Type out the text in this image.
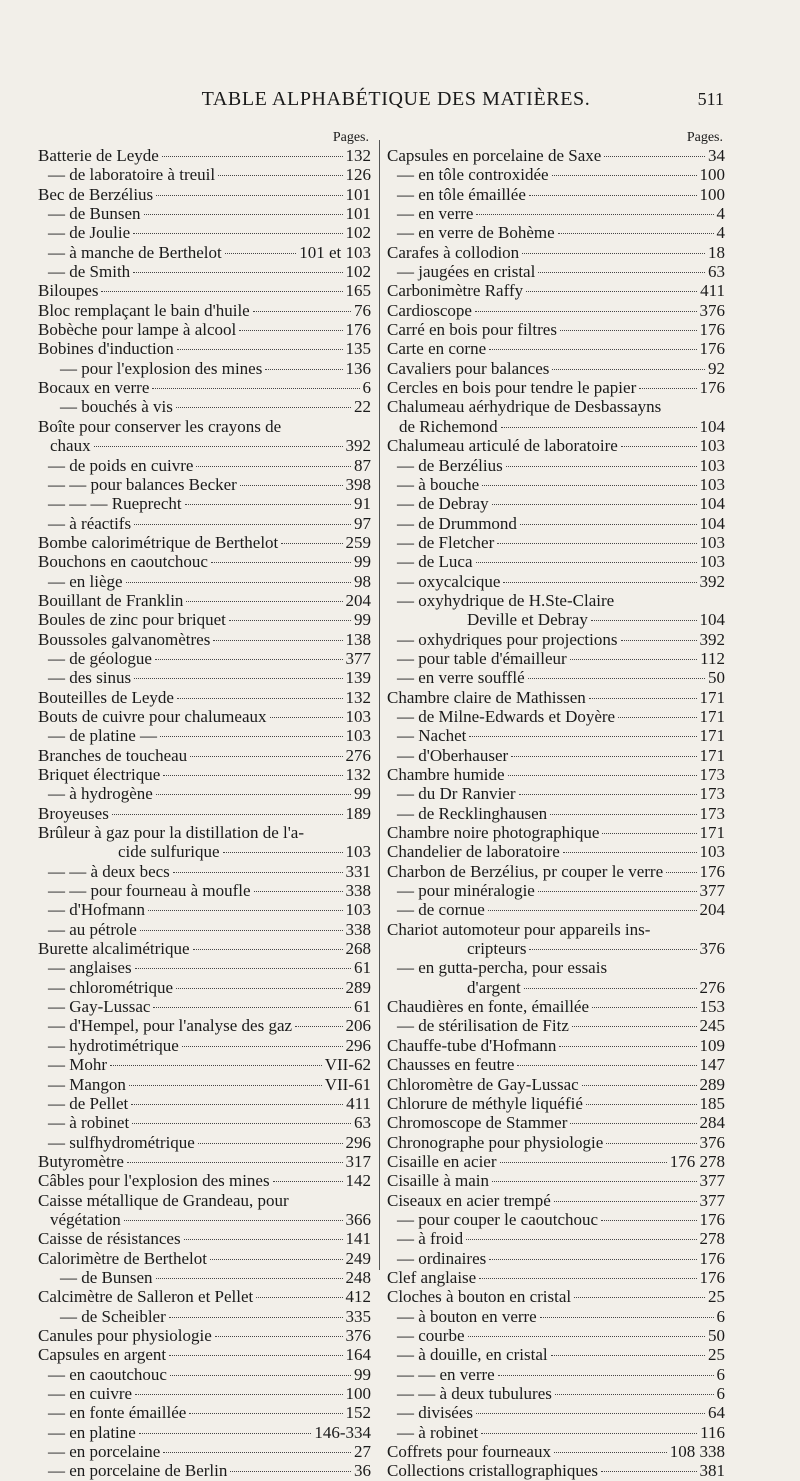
TABLE ALPHABÉTIQUE DES MATIÈRES.	511
Pages.
Batterie de Leyde	132
— de laboratoire à treuil	126
Bec de Berzélius	101
— de Bunsen	101
— de Joulie	102
— à manche de Berthelot	101 et 103
— de Smith	102
Biloupes	165
Bloc remplaçant le bain d'huile	76
Bobèche pour lampe à alcool	176
Bobines d'induction	135
— pour l'explosion des mines	136
Bocaux en verre	6
— bouchés à vis	22
Boîte pour conserver les crayons de
chaux	392
— de poids en cuivre	87
— — pour balances Becker	398
— — — Rueprecht	91
— à réactifs	97
Bombe calorimétrique de Berthelot	259
Bouchons en caoutchouc	99
— en liège	98
Bouillant de Franklin	204
Boules de zinc pour briquet	99
Boussoles galvanomètres	138
— de géologue	377
— des sinus	139
Bouteilles de Leyde	132
Bouts de cuivre pour chalumeaux	103
— de platine —	103
Branches de toucheau	276
Briquet électrique	132
— à hydrogène	99
Broyeuses	189
Brûleur à gaz pour la distillation de l'a-
cide sulfurique	103
— — à deux becs	331
— — pour fourneau à moufle	338
— d'Hofmann	103
— au pétrole	338
Burette alcalimétrique	268
— anglaises	61
— chlorométrique	289
— Gay-Lussac	61
— d'Hempel, pour l'analyse des gaz	206
— hydrotimétrique	296
— Mohr	VII-62
— Mangon	VII-61
— de Pellet	411
— à robinet	63
— sulfhydrométrique	296
Butyromètre	317
Câbles pour l'explosion des mines	142
Caisse métallique de Grandeau, pour
végétation	366
Caisse de résistances	141
Calorimètre de Berthelot	249
— de Bunsen	248
Calcimètre de Salleron et Pellet	412
— de Scheibler	335
Canules pour physiologie	376
Capsules en argent	164
— en caoutchouc	99
— en cuivre	100
— en fonte émaillée	152
— en platine	146-334
— en porcelaine	27
— en porcelaine de Berlin	36
Pages.
Capsules en porcelaine de Saxe	34
— en tôle controxidée	100
— en tôle émaillée	100
— en verre	4
— en verre de Bohème	4
Carafes à collodion	18
— jaugées en cristal	63
Carbonimètre Raffy	411
Cardioscope	376
Carré en bois pour filtres	176
Carte en corne	176
Cavaliers pour balances	92
Cercles en bois pour tendre le papier	176
Chalumeau aérhydrique de Desbassayns
de Richemond	104
Chalumeau articulé de laboratoire	103
— de Berzélius	103
— à bouche	103
— de Debray	104
— de Drummond	104
— de Fletcher	103
— de Luca	103
— oxycalcique	392
— oxyhydrique de H.Ste-Claire
Deville et Debray	104
— oxhydriques pour projections	392
— pour table d'émailleur	112
— en verre soufflé	50
Chambre claire de Mathissen	171
— de Milne-Edwards et Doyère	171
— Nachet	171
— d'Oberhauser	171
Chambre humide	173
— du Dr Ranvier	173
— de Recklinghausen	173
Chambre noire photographique	171
Chandelier de laboratoire	103
Charbon de Berzélius, pr couper le verre 176
— pour minéralogie	377
— de cornue	204
Chariot automoteur pour appareils ins-
cripteurs	376
— en gutta-percha, pour essais
d'argent	276
Chaudières en fonte, émaillée	153
— de stérilisation de Fitz	245
Chauffe-tube d'Hofmann	109
Chausses en feutre	147
Chloromètre de Gay-Lussac	289
Chlorure de méthyle liquéfié	185
Chromoscope de Stammer	284
Chronographe pour physiologie	376
Cisaille en acier	176 278
Cisaille à main	377
Ciseaux en acier trempé	377
— pour couper le caoutchouc	176
— à froid	278
— ordinaires	176
Clef anglaise	176
Cloches à bouton en cristal	25
— à bouton en verre	6
— courbe	50
— à douille, en cristal	25
— — en verre	6
— — à deux tubulures	6
— divisées	64
— à robinet	116
Coffrets pour fourneaux	108 338
Collections cristallographiques	381
